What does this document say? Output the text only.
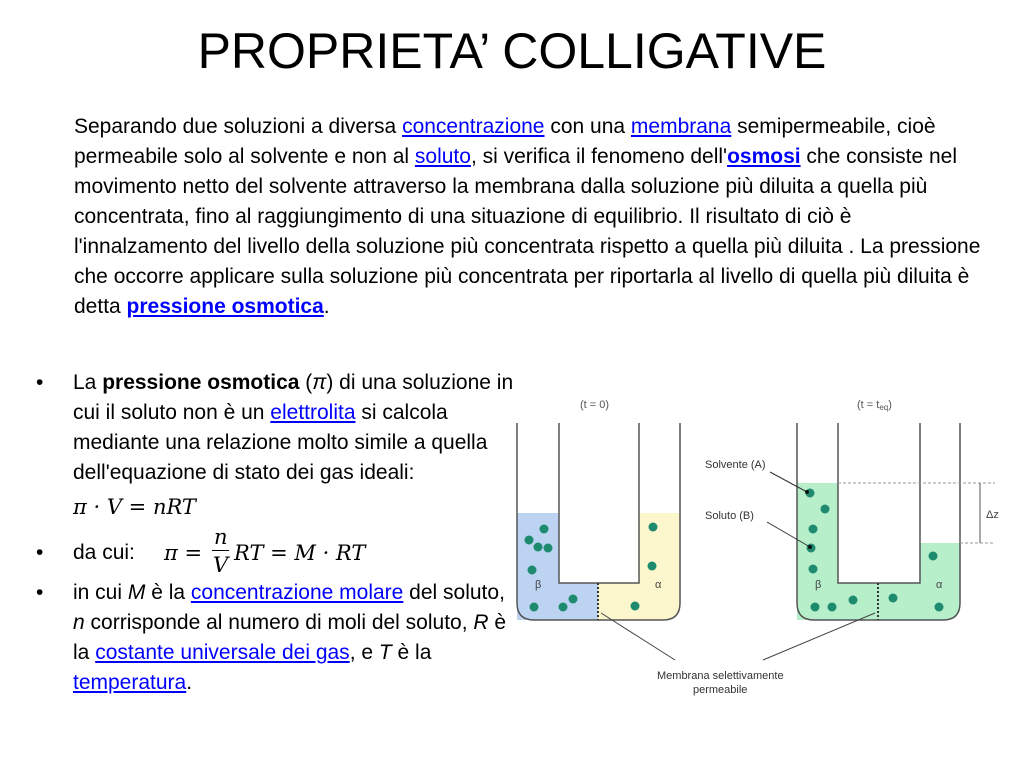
PROPRIETA’ COLLIGATIVE
Separando due soluzioni a diversa concentrazione con una membrana semipermeabile, cioè permeabile solo al solvente e non al soluto, si verifica il fenomeno dell'osmosi che consiste nel movimento netto del solvente attraverso la membrana dalla soluzione più diluita a quella più concentrata, fino al raggiungimento di una situazione di equilibrio. Il risultato di ciò è l'innalzamento del livello della soluzione più concentrata rispetto a quella più diluita . La pressione che occorre applicare sulla soluzione più concentrata per riportarla al livello di quella più diluita è detta pressione osmotica.
• La pressione osmotica (π) di una soluzione in cui il soluto non è un elettrolita si calcola mediante una relazione molto simile a quella dell'equazione di stato dei gas ideali:
π · V = nRT
• da cui: π =
n
V RT = M · RT
• in cui M è la concentrazione molare del soluto, n corrisponde al numero di moli del soluto, R è la costante universale dei gas, e T è la temperatura.
(t = 0)
β	α
(t = teq)
β	α
Δz
Solvente (A)
Soluto (B)
Membrana selettivamente
permeabile
